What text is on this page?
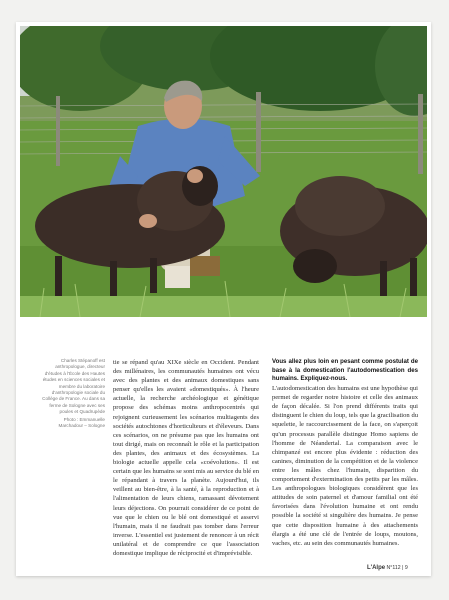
Charles Stépanoff est anthropologue, directeur d'études à l'École des Hautes études en sciences sociales et membre du laboratoire d'anthropologie sociale du Collège de France. Au dans sa ferme de Sologne avec ses poules et Quadrupède
Photo : Emmanuelle Marchadour – Sologne

tie se répand qu'au XIXe siècle en Occident. Pendant des millénaires, les communautés humaines ont vécu avec des plantes et des animaux domestiques sans penser qu'elles les avaient «domestiqués». À l'heure actuelle, la recherche archéologique et génétique propose des schémas moins anthropocentrés qui rejoignent curieusement les scénarios multiagents des sociétés autochtones d'horticulteurs et d'éleveurs. Dans ces scénarios, on ne présume pas que les humains ont tout dirigé, mais on reconnaît le rôle et la participation des plantes, des animaux et des écosystèmes. La biologie actuelle appelle cela «coévolution». Il est certain que les humains se sont mis au service du blé en le répandant à travers la planète. Aujourd'hui, ils veillent au bien-être, à la santé, à la reproduction et à l'alimentation de leurs chiens, ramassant dévotement leurs déjections. On pourrait considérer de ce point de vue que le chien ou le blé ont domestiqué et asservi l'humain, mais il ne faudrait pas tomber dans l'erreur inverse. L'essentiel est justement de renoncer à un récit unilatéral et de comprendre ce que l'association domestique implique de réciprocité et d'imprévisible.

Vous allez plus loin en pesant comme postulat de base à la domestication l'autodomestication des humains. Expliquez-nous.

L'autodomestication des humains est une hypothèse qui permet de regarder notre histoire et celle des animaux de façon décalée. Si l'on prend différents traits qui distinguent le chien du loup, tels que la gracilisation du squelette, le raccourcissement de la face, on s'aperçoit qu'un processus parallèle distingue Homo sapiens de l'homme de Néandertal. La comparaison avec le chimpanzé est encore plus évidente : réduction des canines, diminution de la compétition et de la violence entre les mâles chez l'humain, disparition du comportement d'extermination des petits par les mâles. Les anthropologues biologiques considèrent que les attitudes de soin paternel et d'amour familial ont été favorisées dans l'évolution humaine et ont rendu possible la société si singulière des humains. Je pense que cette disposition humaine à des attachements élargis a été une clé de l'entrée de loups, moutons, vaches, etc. au sein des communautés humaines.

L'Alpe N°112 | 9
